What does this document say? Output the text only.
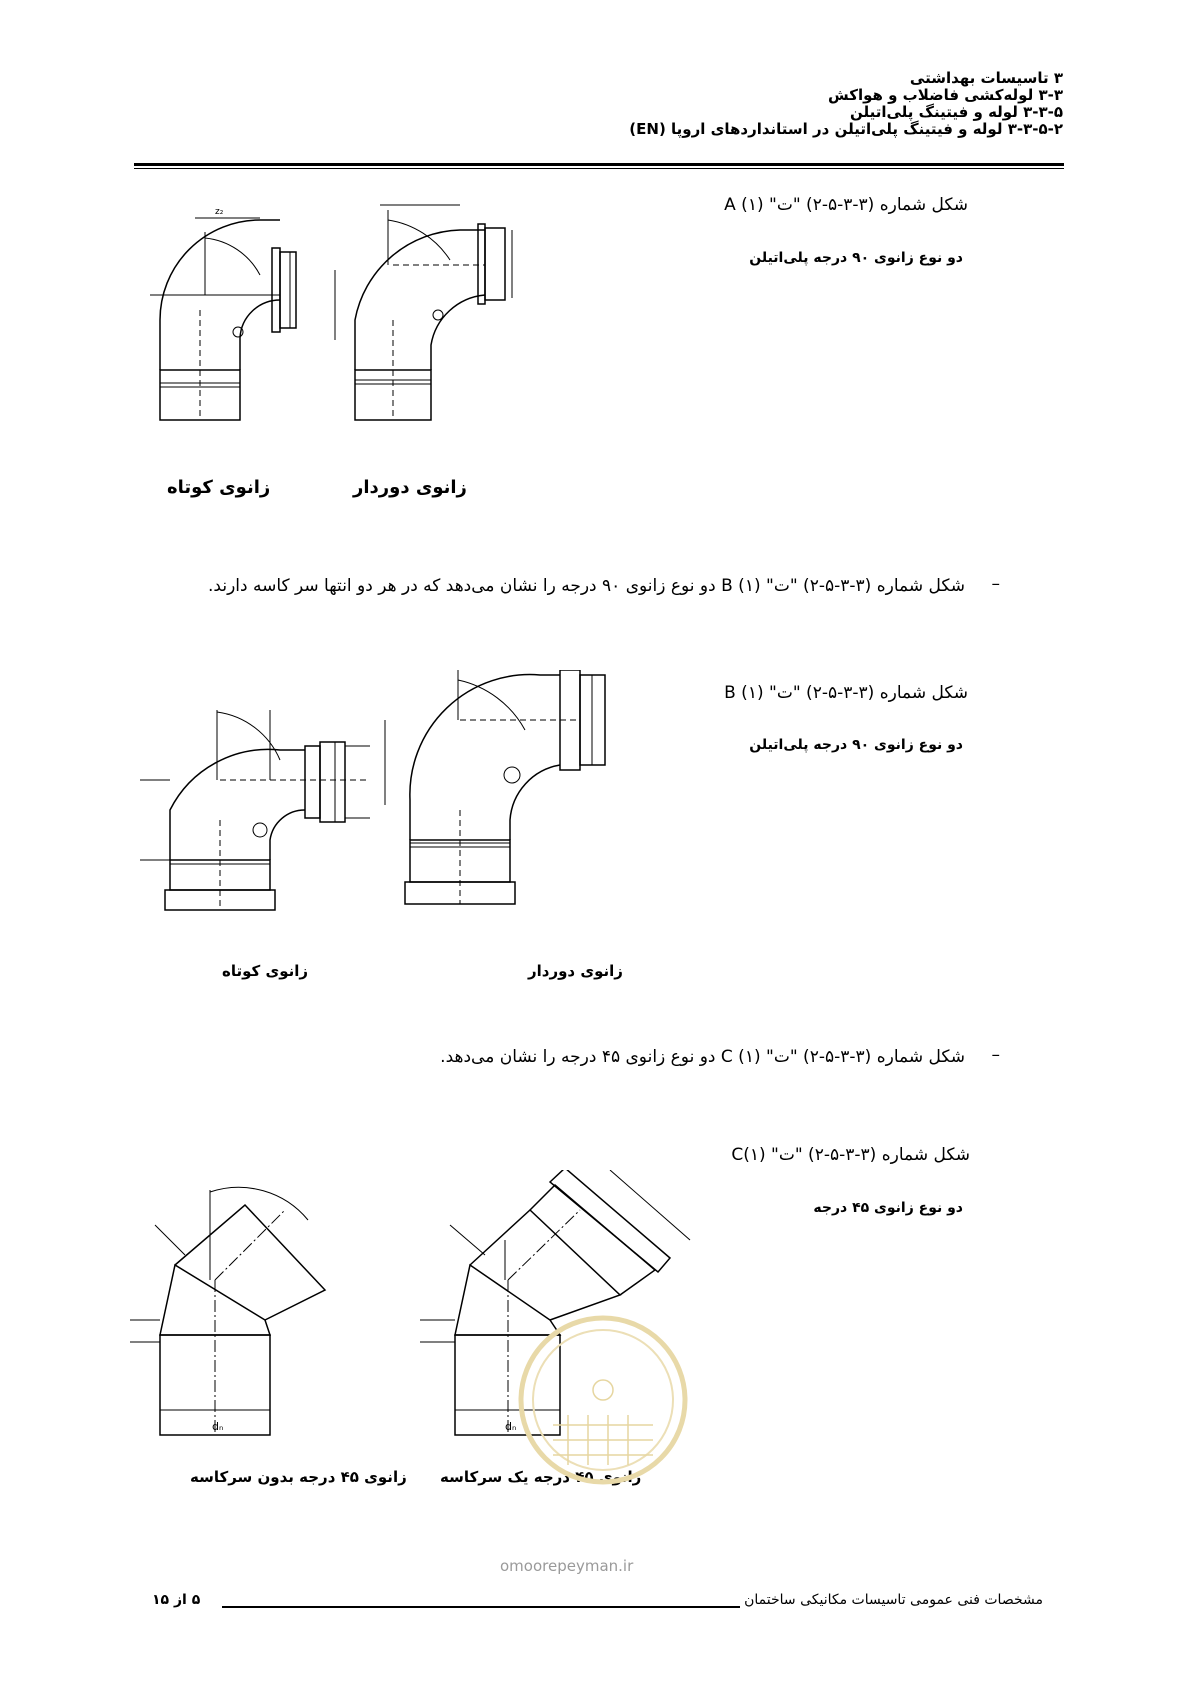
۳ تاسیسات بهداشتی
۳-۳ لوله‌کشی فاضلاب و هواکش
۳-۳-۵ لوله و فیتینگ پلی‌اتیلن
۳-۳-۵-۲ لوله و فیتینگ پلی‌اتیلن در استانداردهای اروپا (EN)
شکل شماره (۳-۳-۵-۲) "ت" (۱) A
دو نوع زانوی ۹۰ درجه پلی‌اتیلن
z₂
زانوی کوتاه	زانوی دوردار
شکل شماره (۳-۳-۵-۲) "ت" (۱) B دو نوع زانوی ۹۰ درجه را نشان می‌دهد که در هر دو انتها سر کاسه دارند. –
شکل شماره (۳-۳-۵-۲) "ت" (۱) B
دو نوع زانوی ۹۰ درجه پلی‌اتیلن
زانوی کوتاه	زانوی دوردار
شکل شماره (۳-۳-۵-۲) "ت" (۱) C دو نوع زانوی ۴۵ درجه را نشان می‌دهد. –
شکل شماره (۳-۳-۵-۲) "ت" (۱)C
دو نوع زانوی ۴۵ درجه
dₙ	dₙ
زانوی ۴۵ درجه بدون سرکاسه زانوی ۴۵ درجه یک سرکاسه
omoorepeyman.ir
مشخصات فنی عمومی تاسیسات مکانیکی ساختمان
۵ از ۱۵
